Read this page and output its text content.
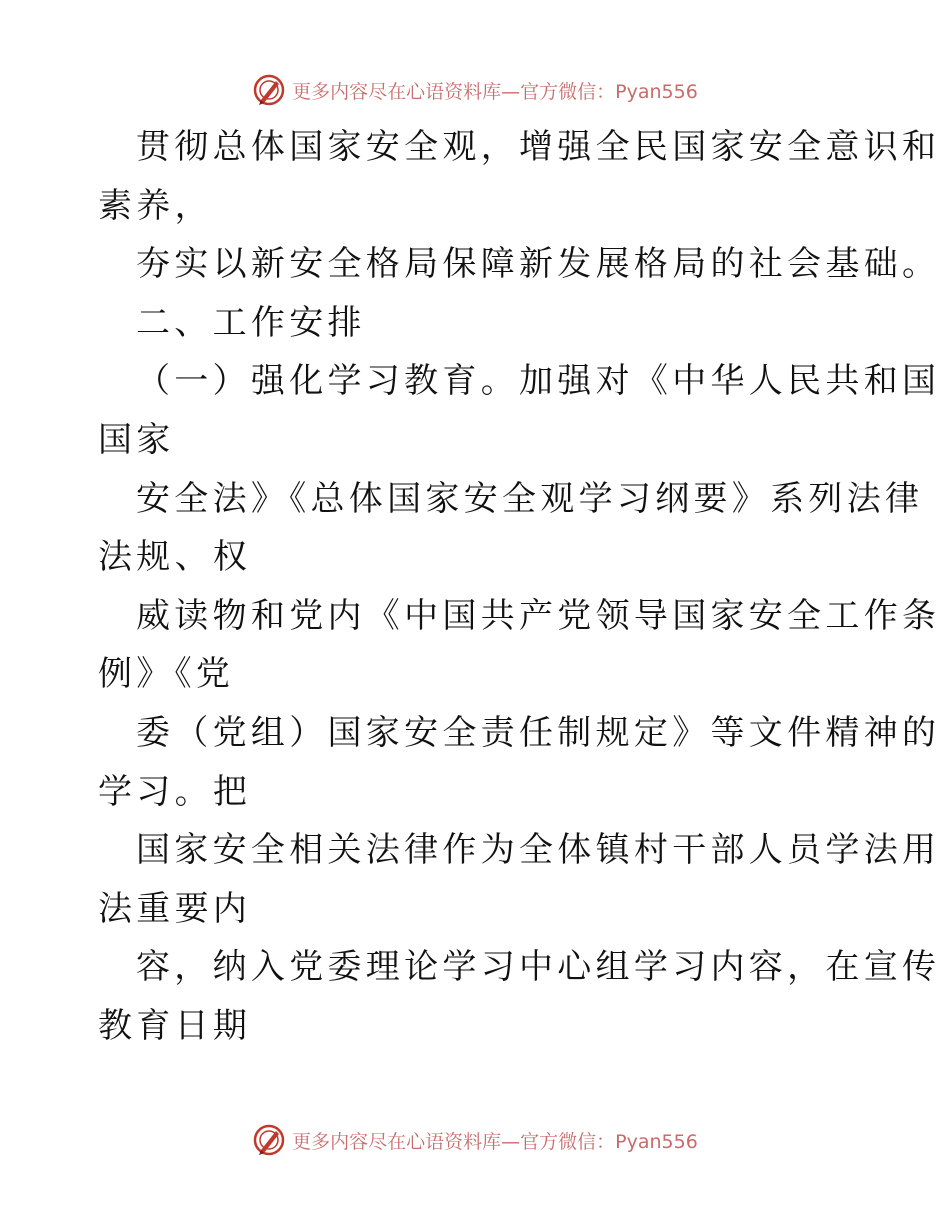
更多内容尽在心语资料库—官方微信：Pyan556
贯彻总体国家安全观，增强全民国家安全意识和
素养，
夯实以新安全格局保障新发展格局的社会基础。
二、工作安排
（一）强化学习教育。加强对《中华人民共和国
国家
安全法》《总体国家安全观学习纲要》系列法律
法规、权
威读物和党内《中国共产党领导国家安全工作条
例》《党
委（党组）国家安全责任制规定》等文件精神的
学习。把
国家安全相关法律作为全体镇村干部人员学法用
法重要内
容，纳入党委理论学习中心组学习内容，在宣传
教育日期
更多内容尽在心语资料库—官方微信：Pyan556
